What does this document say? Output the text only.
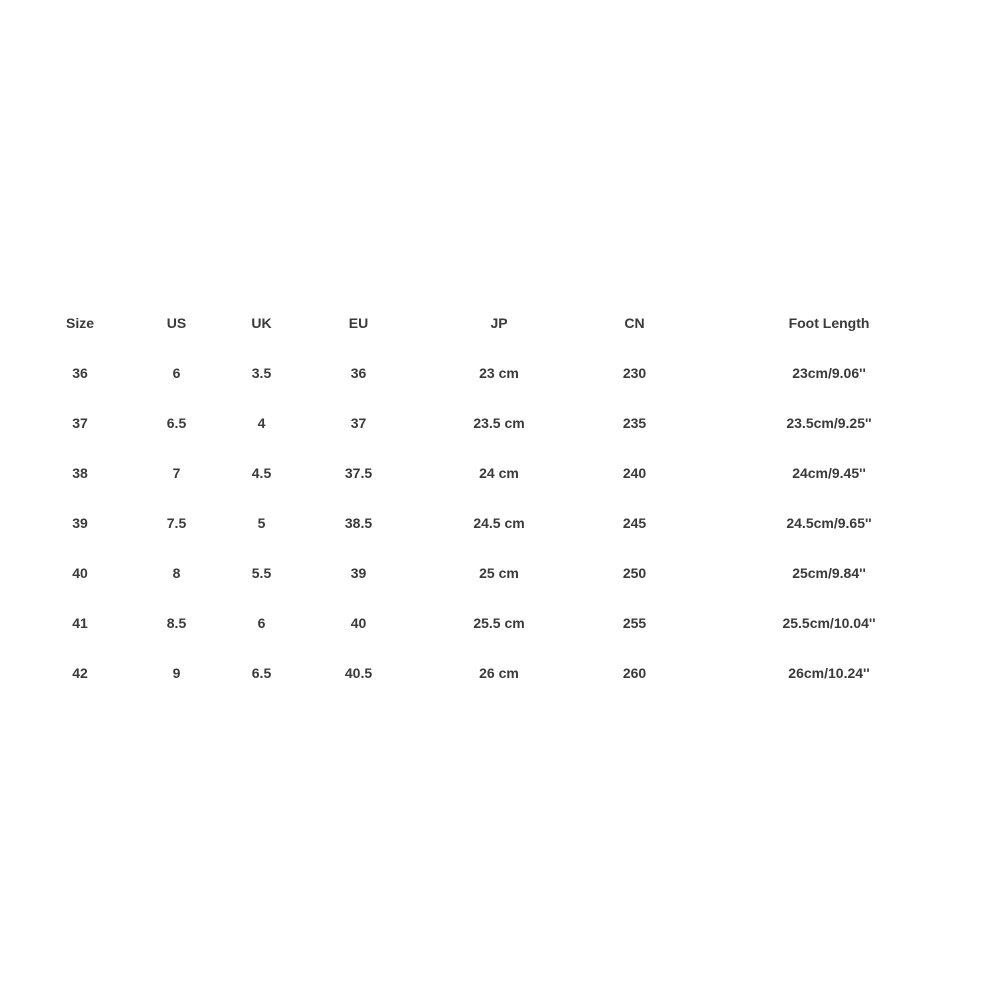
Size	US	UK	EU	JP	CN	Foot Length
36	6	3.5	36	23 cm	230	23cm/9.06''
37	6.5	4	37	23.5 cm	235	23.5cm/9.25''
38	7	4.5	37.5	24 cm	240	24cm/9.45''
39	7.5	5	38.5	24.5 cm	245	24.5cm/9.65''
40	8	5.5	39	25 cm	250	25cm/9.84''
41	8.5	6	40	25.5 cm	255	25.5cm/10.04''
42	9	6.5	40.5	26 cm	260	26cm/10.24''
